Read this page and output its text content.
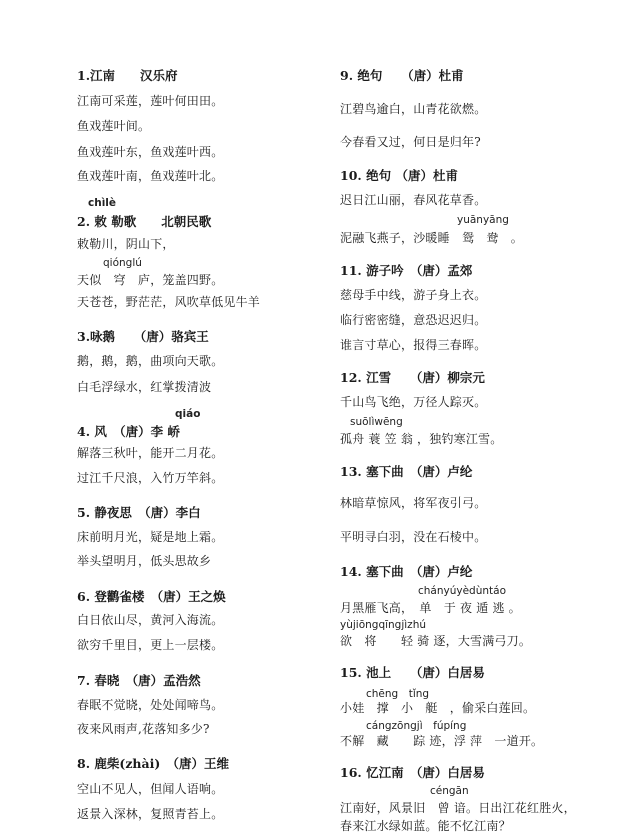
1.江南　　汉乐府
江南可采莲，莲叶何田田。
鱼戏莲叶间。
鱼戏莲叶东，鱼戏莲叶西。
鱼戏莲叶南，鱼戏莲叶北。
chìlè
2. 敕 勒歌　　北朝民歌
敕勒川，阴山下，
qiónglú
天似　穹　庐，笼盖四野。
天苍苍，野茫茫，风吹草低见牛羊
3.咏鹅　　（唐）骆宾王
鹅，鹅，鹅，曲项向天歌。
白毛浮绿水，红掌拨清波
qiáo
4. 风　（唐）李 峤
解落三秋叶，能开二月花。
过江千尺浪，入竹万竿斜。
5. 静夜思　（唐）李白
床前明月光，疑是地上霜。
举头望明月，低头思故乡
6. 登鹳雀楼　（唐）王之焕
白日依山尽，黄河入海流。
欲穷千里目，更上一层楼。
7. 春晓　（唐）孟浩然
春眠不觉晓，处处闻啼鸟。
夜来风雨声,花落知多少?
8. 鹿柴(zhài)　（唐）王维
空山不见人，但闻人语响。
返景入深林，复照青苔上。
9. 绝句　　（唐）杜甫
江碧鸟逾白，山青花欲燃。
今春看又过，何日是归年?
10. 绝句 （唐）杜甫
迟日江山丽，春风花草香。
yuānyāng
泥融飞燕子，沙暖睡　鸳　鸯　。
11. 游子吟　（唐）孟郊
慈母手中线，游子身上衣。
临行密密缝，意恐迟迟归。
谁言寸草心，报得三春晖。
12. 江雪　　（唐）柳宗元
千山鸟飞绝，万径人踪灭。
suōlìwēng
孤舟 蓑 笠 翁 ，独钓寒江雪。
13. 塞下曲　（唐）卢纶
林暗草惊风，将军夜引弓。
平明寻白羽，没在石棱中。
14. 塞下曲　（唐）卢纶
chányúyèdùntáo
月黑雁飞高，　单　于 夜 遁 逃 。
yùjiōngqīngjìzhú
欲　将　　轻 骑 逐，大雪满弓刀。
15. 池上　　（唐）白居易
chēng　tǐng
小娃　撑　小　艇　，偷采白莲回。
cángzōngjì　fúpíng
不解　藏　　踪 迹，浮 萍　一道开。
16. 忆江南　（唐）白居易
céngān
江南好，风景旧　曾 谙。日出江花红胜火，
春来江水绿如蓝。能不忆江南？
